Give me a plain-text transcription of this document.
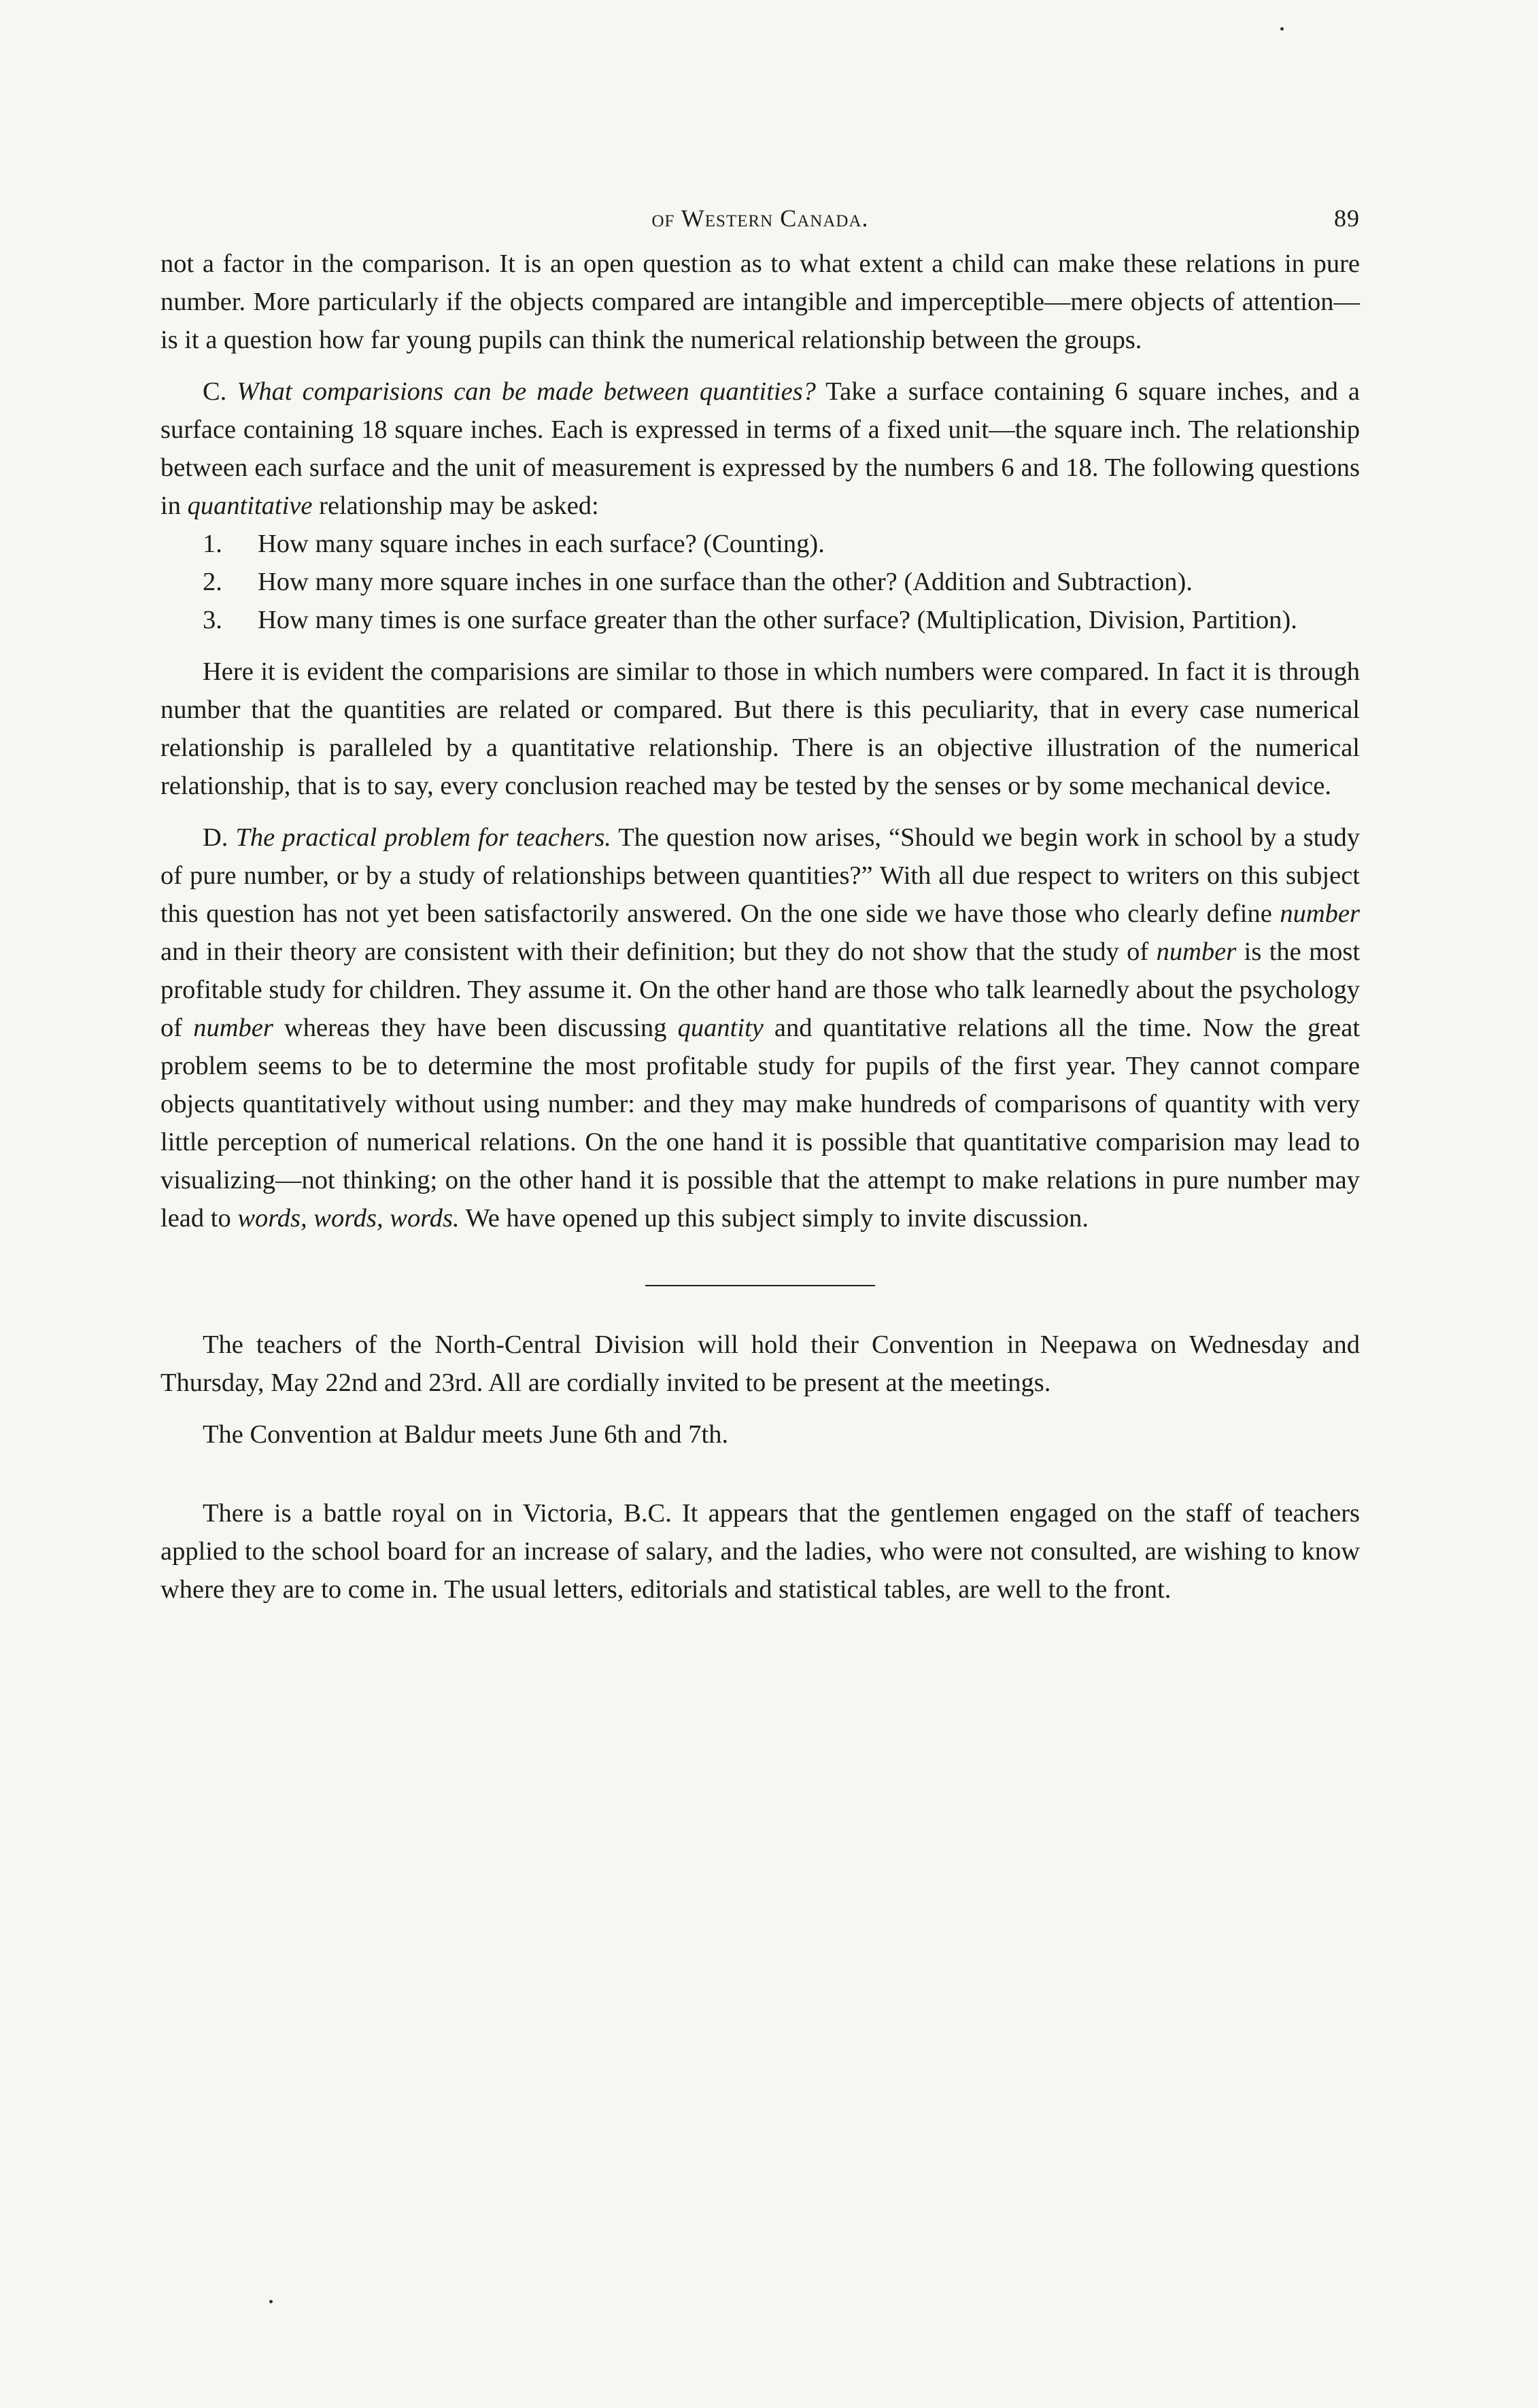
of Western Canada.	89

not a factor in the comparison. It is an open question as to what extent a child can make these relations in pure number. More particularly if the objects compared are intangible and imperceptible—mere objects of attention—is it a question how far young pupils can think the numerical relationship between the groups.

C. What comparisions can be made between quantities? Take a surface containing 6 square inches, and a surface containing 18 square inches. Each is expressed in terms of a fixed unit—the square inch. The relationship between each surface and the unit of measurement is expressed by the numbers 6 and 18. The following questions in quantitative relationship may be asked:

1. How many square inches in each surface? (Counting).
2. How many more square inches in one surface than the other? (Addition and Subtraction).
3. How many times is one surface greater than the other surface? (Multiplication, Division, Partition).

Here it is evident the comparisions are similar to those in which numbers were compared. In fact it is through number that the quantities are related or compared. But there is this peculiarity, that in every case numerical relationship is paralleled by a quantitative relationship. There is an objective illustration of the numerical relationship, that is to say, every conclusion reached may be tested by the senses or by some mechanical device.

D. The practical problem for teachers. The question now arises, “Should we begin work in school by a study of pure number, or by a study of relationships between quantities?” With all due respect to writers on this subject this question has not yet been satisfactorily answered. On the one side we have those who clearly define number and in their theory are consistent with their definition; but they do not show that the study of number is the most profitable study for children. They assume it. On the other hand are those who talk learnedly about the psychology of number whereas they have been discussing quantity and quantitative relations all the time. Now the great problem seems to be to determine the most profitable study for pupils of the first year. They cannot compare objects quantitatively without using number: and they may make hundreds of comparisons of quantity with very little perception of numerical relations. On the one hand it is possible that quantitative comparision may lead to visualizing—not thinking; on the other hand it is possible that the attempt to make relations in pure number may lead to words, words, words. We have opened up this subject simply to invite discussion.

The teachers of the North-Central Division will hold their Convention in Neepawa on Wednesday and Thursday, May 22nd and 23rd. All are cordially invited to be present at the meetings.

The Convention at Baldur meets June 6th and 7th.

There is a battle royal on in Victoria, B.C. It appears that the gentlemen engaged on the staff of teachers applied to the school board for an increase of salary, and the ladies, who were not consulted, are wishing to know where they are to come in. The usual letters, editorials and statistical tables, are well to the front.
